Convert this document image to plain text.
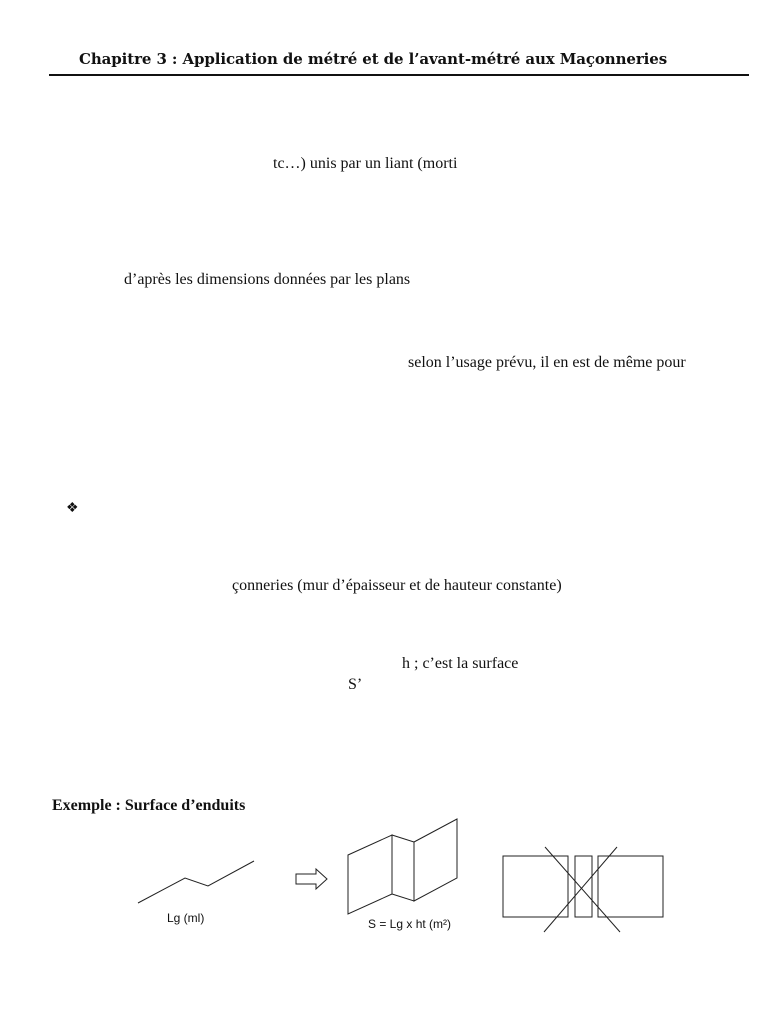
Chapitre 3 : Application de métré et de l’avant-métré aux Maçonneries
tc…) unis par un liant (morti
d’après les dimensions données par les plans
selon l’usage prévu, il en est de même pour
❖
çonneries (mur d’épaisseur et de hauteur constante)
h ; c’est la surface
S’
Exemple : Surface d’enduits
Lg (ml)	S = Lg x ht (m²)
